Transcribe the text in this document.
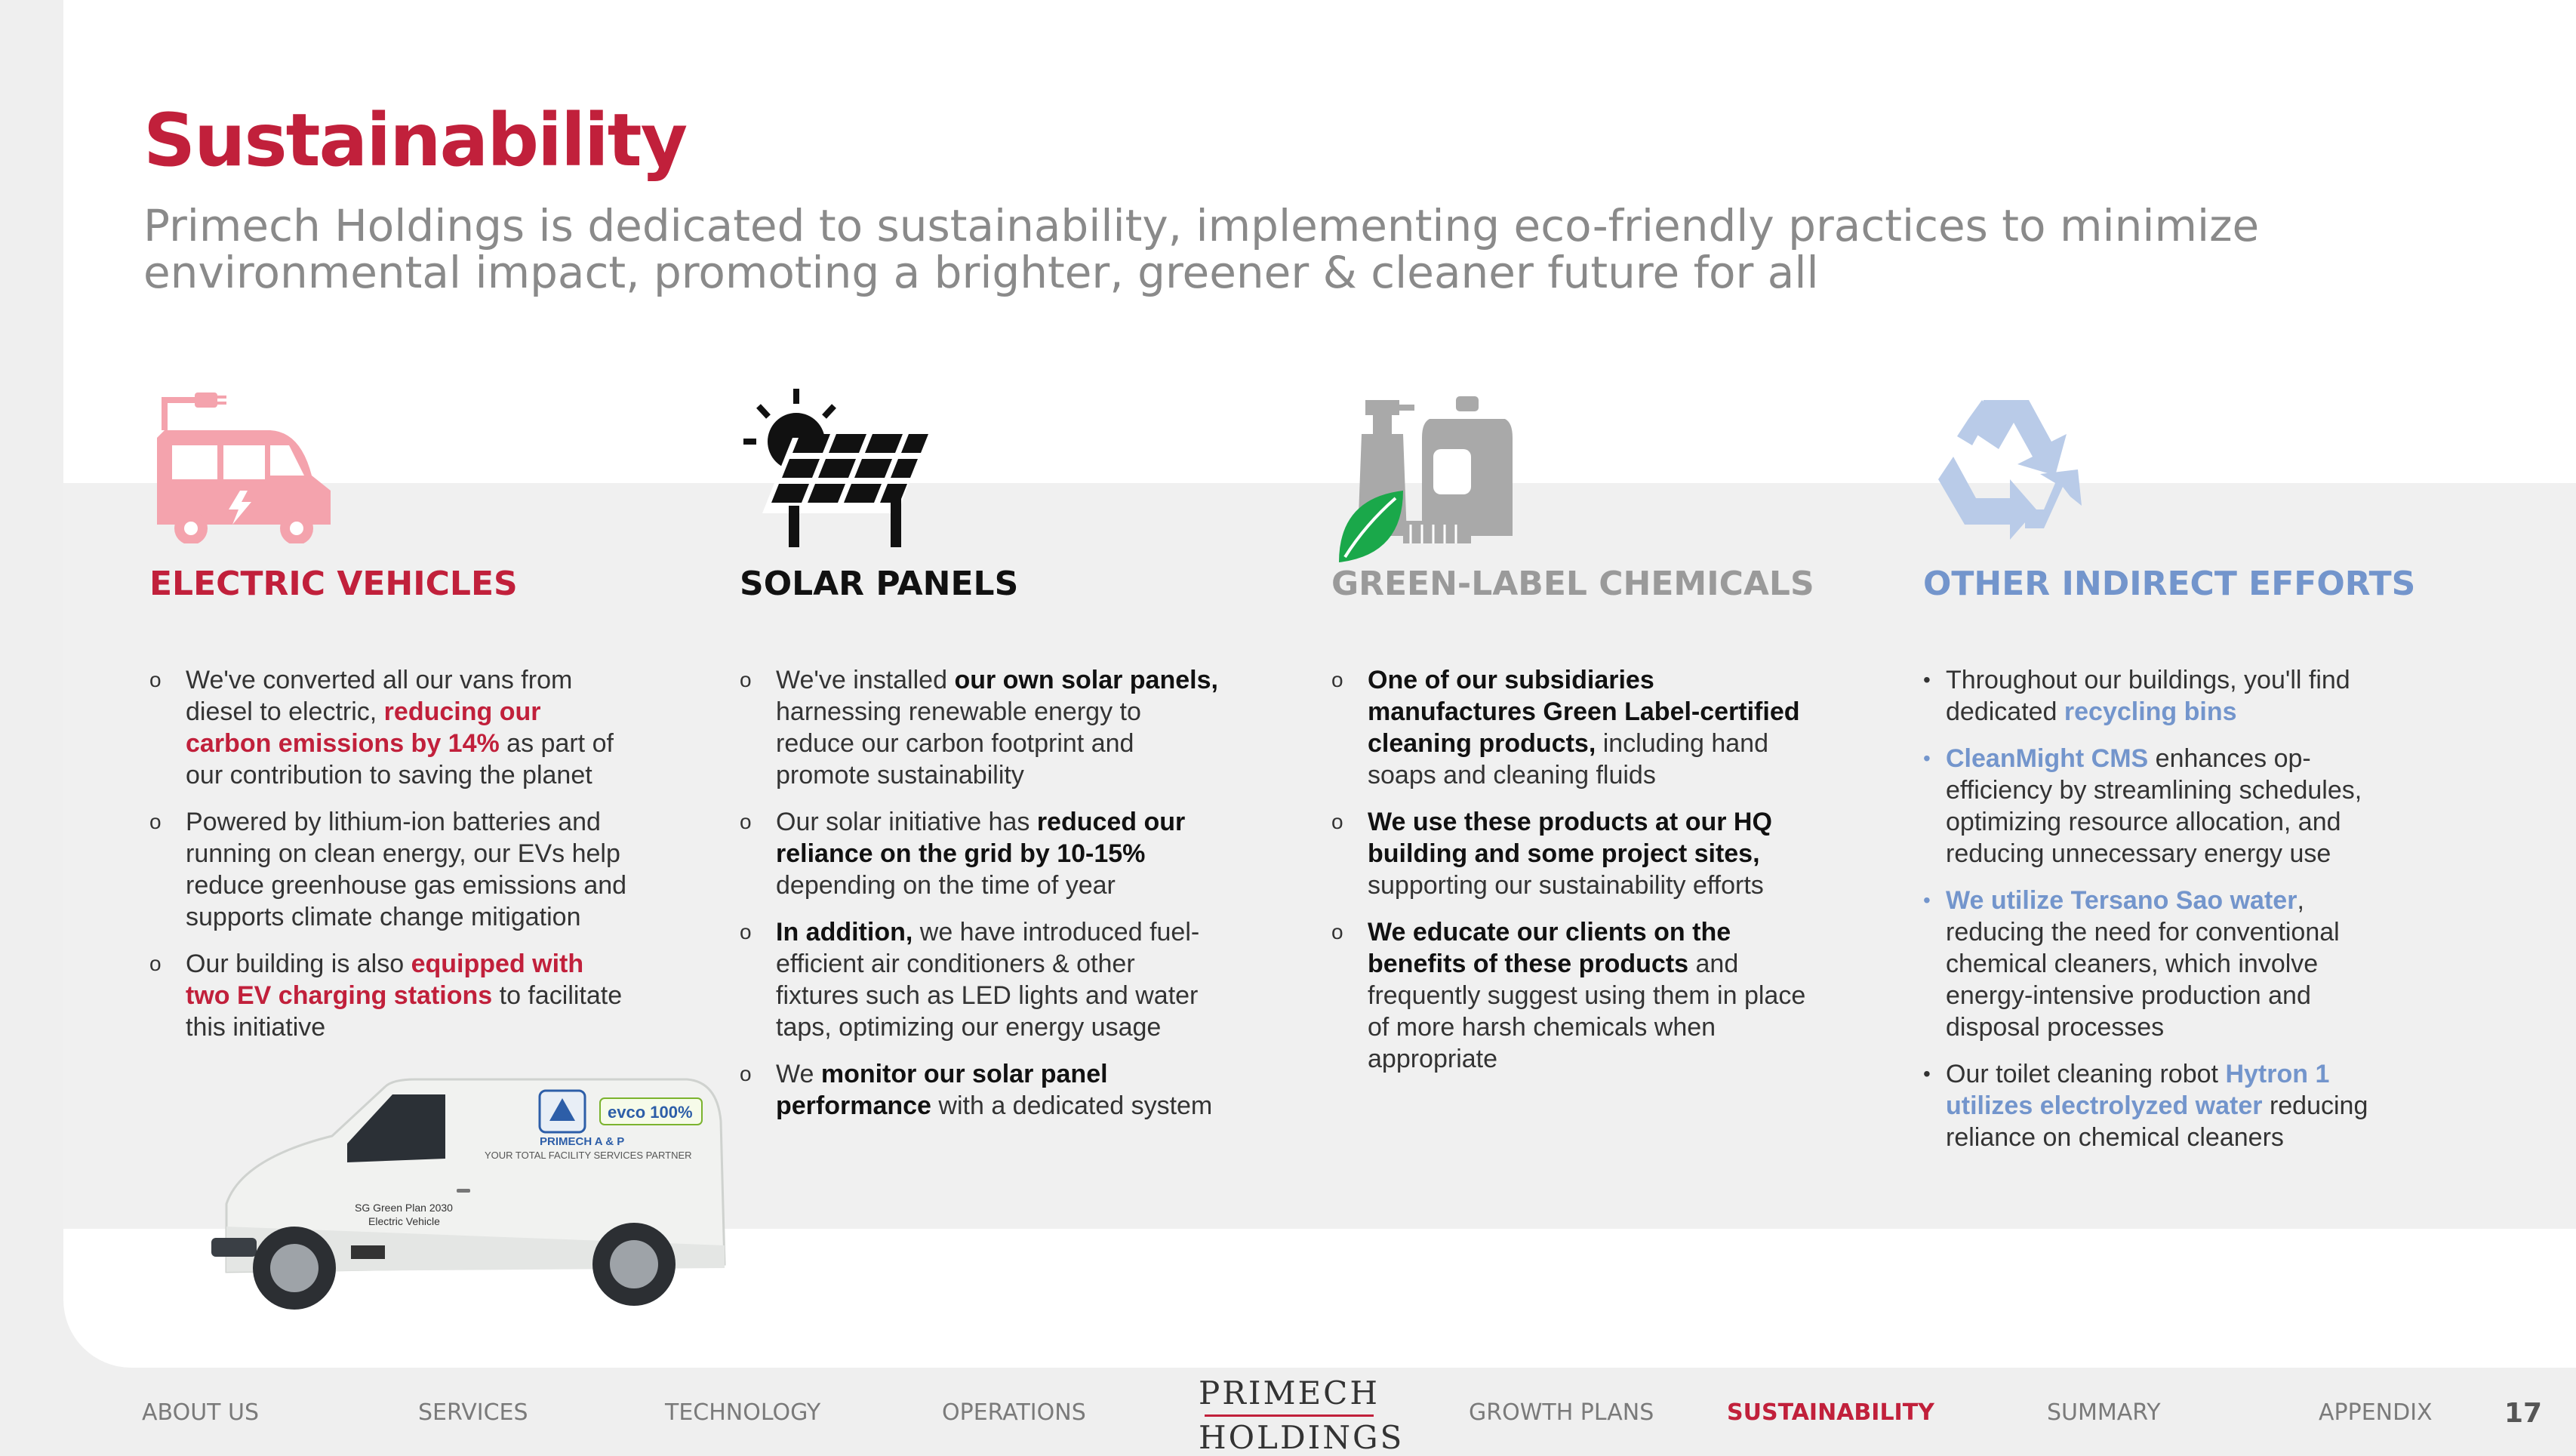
Sustainability

Primech Holdings is dedicated to sustainability, implementing eco-friendly practices to minimize environmental impact, promoting a brighter, greener & cleaner future for all

ELECTRIC VEHICLES
o We've converted all our vans from diesel to electric, reducing our carbon emissions by 14% as part of our contribution to saving the planet
o Powered by lithium-ion batteries and running on clean energy, our EVs help reduce greenhouse gas emissions and supports climate change mitigation
o Our building is also equipped with two EV charging stations to facilitate this initiative
SOLAR PANELS
o We've installed our own solar panels, harnessing renewable energy to reduce our carbon footprint and promote sustainability
o Our solar initiative has reduced our reliance on the grid by 10-15% depending on the time of year
o In addition, we have introduced fuel-efficient air conditioners & other fixtures such as LED lights and water taps, optimizing our energy usage
o We monitor our solar panel performance with a dedicated system
GREEN-LABEL CHEMICALS
o One of our subsidiaries manufactures Green Label-certified cleaning products, including hand soaps and cleaning fluids
o We use these products at our HQ building and some project sites, supporting our sustainability efforts
o We educate our clients on the benefits of these products and frequently suggest using them in place of more harsh chemicals when appropriate
OTHER INDIRECT EFFORTS
• Throughout our buildings, you'll find dedicated recycling bins
• CleanMight CMS enhances op-efficiency by streamlining schedules, optimizing resource allocation, and reducing unnecessary energy use
• We utilize Tersano Sao water, reducing the need for conventional chemical cleaners, which involve energy-intensive production and disposal processes
• Our toilet cleaning robot Hytron 1 utilizes electrolyzed water reducing reliance on chemical cleaners
PRIMECH A & P
evco 100%
YOUR TOTAL FACILITY SERVICES PARTNER
SG Green Plan 2030
Electric Vehicle
ABOUT US	SERVICES	TECHNOLOGY	OPERATIONS
PRIMECH
HOLDINGS
GROWTH PLANS	SUSTAINABILITY	SUMMARY	APPENDIX	17
